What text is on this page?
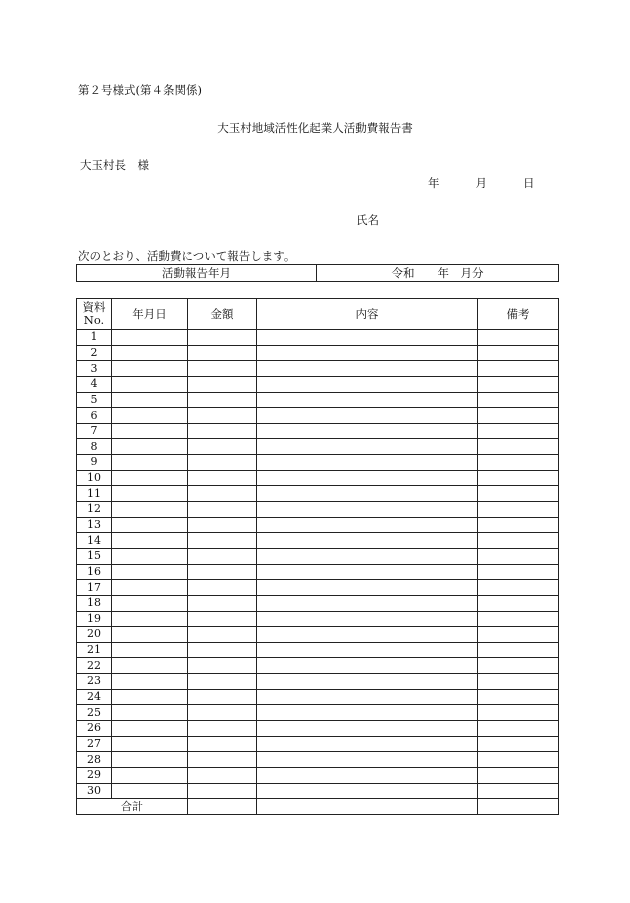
第２号様式(第４条関係)
大玉村地域活性化起業人活動費報告書
大玉村長　様
年	月	日
氏名
次のとおり、活動費について報告します。
活動報告年月	令和　　年　月分
資料
No.	年月日	金額	内容	備考
1				
2				
3				
4				
5				
6				
7				
8				
9				
10				
11				
12				
13				
14				
15				
16				
17				
18				
19				
20				
21				
22				
23				
24				
25				
26				
27				
28				
29				
30				
合計				
